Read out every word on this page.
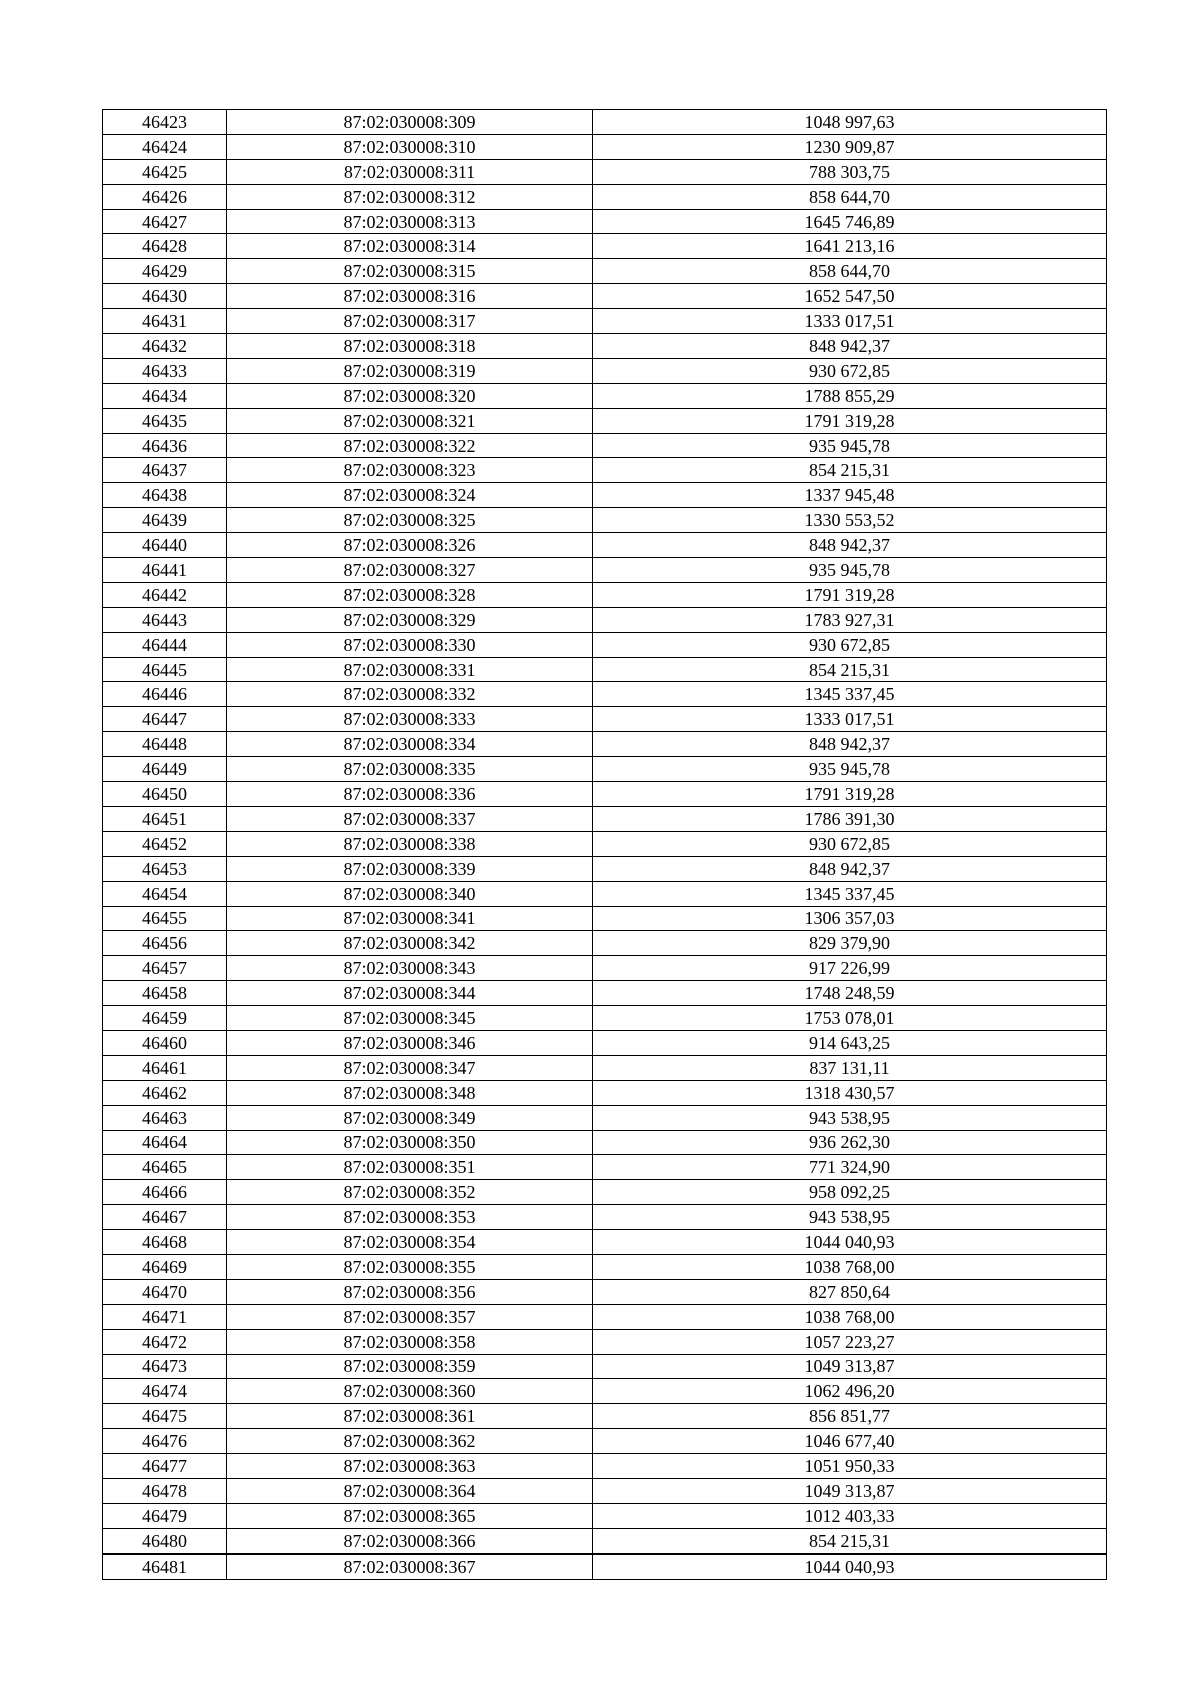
46423	87:02:030008:309	1048 997,63
46424	87:02:030008:310	1230 909,87
46425	87:02:030008:311	788 303,75
46426	87:02:030008:312	858 644,70
46427	87:02:030008:313	1645 746,89
46428	87:02:030008:314	1641 213,16
46429	87:02:030008:315	858 644,70
46430	87:02:030008:316	1652 547,50
46431	87:02:030008:317	1333 017,51
46432	87:02:030008:318	848 942,37
46433	87:02:030008:319	930 672,85
46434	87:02:030008:320	1788 855,29
46435	87:02:030008:321	1791 319,28
46436	87:02:030008:322	935 945,78
46437	87:02:030008:323	854 215,31
46438	87:02:030008:324	1337 945,48
46439	87:02:030008:325	1330 553,52
46440	87:02:030008:326	848 942,37
46441	87:02:030008:327	935 945,78
46442	87:02:030008:328	1791 319,28
46443	87:02:030008:329	1783 927,31
46444	87:02:030008:330	930 672,85
46445	87:02:030008:331	854 215,31
46446	87:02:030008:332	1345 337,45
46447	87:02:030008:333	1333 017,51
46448	87:02:030008:334	848 942,37
46449	87:02:030008:335	935 945,78
46450	87:02:030008:336	1791 319,28
46451	87:02:030008:337	1786 391,30
46452	87:02:030008:338	930 672,85
46453	87:02:030008:339	848 942,37
46454	87:02:030008:340	1345 337,45
46455	87:02:030008:341	1306 357,03
46456	87:02:030008:342	829 379,90
46457	87:02:030008:343	917 226,99
46458	87:02:030008:344	1748 248,59
46459	87:02:030008:345	1753 078,01
46460	87:02:030008:346	914 643,25
46461	87:02:030008:347	837 131,11
46462	87:02:030008:348	1318 430,57
46463	87:02:030008:349	943 538,95
46464	87:02:030008:350	936 262,30
46465	87:02:030008:351	771 324,90
46466	87:02:030008:352	958 092,25
46467	87:02:030008:353	943 538,95
46468	87:02:030008:354	1044 040,93
46469	87:02:030008:355	1038 768,00
46470	87:02:030008:356	827 850,64
46471	87:02:030008:357	1038 768,00
46472	87:02:030008:358	1057 223,27
46473	87:02:030008:359	1049 313,87
46474	87:02:030008:360	1062 496,20
46475	87:02:030008:361	856 851,77
46476	87:02:030008:362	1046 677,40
46477	87:02:030008:363	1051 950,33
46478	87:02:030008:364	1049 313,87
46479	87:02:030008:365	1012 403,33
46480	87:02:030008:366	854 215,31
46481	87:02:030008:367	1044 040,93
